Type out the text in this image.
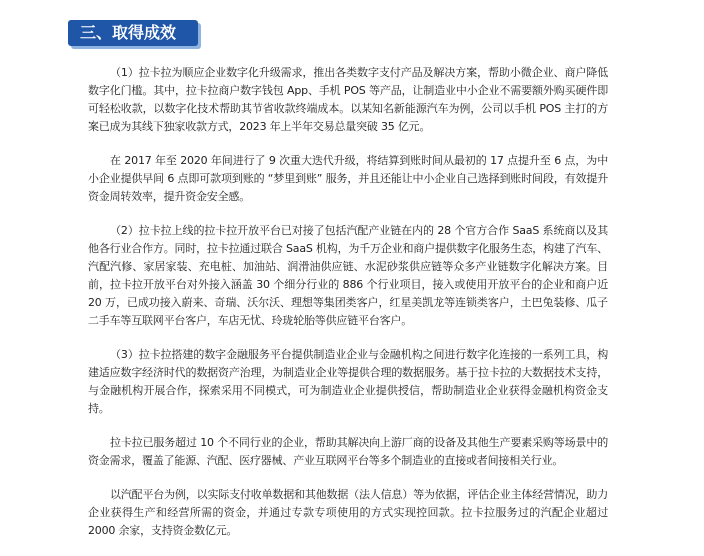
三、取得成效

（1）拉卡拉为顺应企业数字化升级需求，推出各类数字支付产品及解决方案，帮助小微企业、商户降低数字化门槛。其中，拉卡拉商户数字钱包 App、手机 POS 等产品，让制造业中小企业不需要额外购买硬件即可轻松收款，以数字化技术帮助其节省收款终端成本。以某知名新能源汽车为例，公司以手机 POS 主打的方案已成为其线下独家收款方式，2023 年上半年交易总量突破 35 亿元。

在 2017 年至 2020 年间进行了 9 次重大迭代升级，将结算到账时间从最初的 17 点提升至 6 点，为中小企业提供早间 6 点即可款项到账的 “梦里到账” 服务，并且还能让中小企业自己选择到账时间段，有效提升资金周转效率，提升资金安全感。

（2）拉卡拉上线的拉卡拉开放平台已对接了包括汽配产业链在内的 28 个官方合作 SaaS 系统商以及其他各行业合作方。同时，拉卡拉通过联合 SaaS 机构，为千万企业和商户提供数字化服务生态，构建了汽车、汽配汽修、家居家装、充电桩、加油站、润滑油供应链、水泥砂浆供应链等众多产业链数字化解决方案。目前，拉卡拉开放平台对外接入涵盖 30 个细分行业的 886 个行业项目，接入或使用开放平台的企业和商户近 20 万，已成功接入蔚来、奇瑞、沃尔沃、理想等集团类客户，红星美凯龙等连锁类客户，土巴兔装修、瓜子二手车等互联网平台客户，车店无忧、玲珑轮胎等供应链平台客户。

（3）拉卡拉搭建的数字金融服务平台提供制造业企业与金融机构之间进行数字化连接的一系列工具，构建适应数字经济时代的数据资产治理，为制造业企业等提供合理的数据服务。基于拉卡拉的大数据技术支持，与金融机构开展合作，探索采用不同模式，可为制造业企业提供授信，帮助制造业企业获得金融机构资金支持。

拉卡拉已服务超过 10 个不同行业的企业，帮助其解决向上游厂商的设备及其他生产要素采购等场景中的资金需求，覆盖了能源、汽配、医疗器械、产业互联网平台等多个制造业的直接或者间接相关行业。

以汽配平台为例，以实际支付收单数据和其他数据（法人信息）等为依据，评估企业主体经营情况，助力企业获得生产和经营所需的资金，并通过专款专项使用的方式实现控回款。拉卡拉服务过的汽配企业超过 2000 余家，支持资金数亿元。
